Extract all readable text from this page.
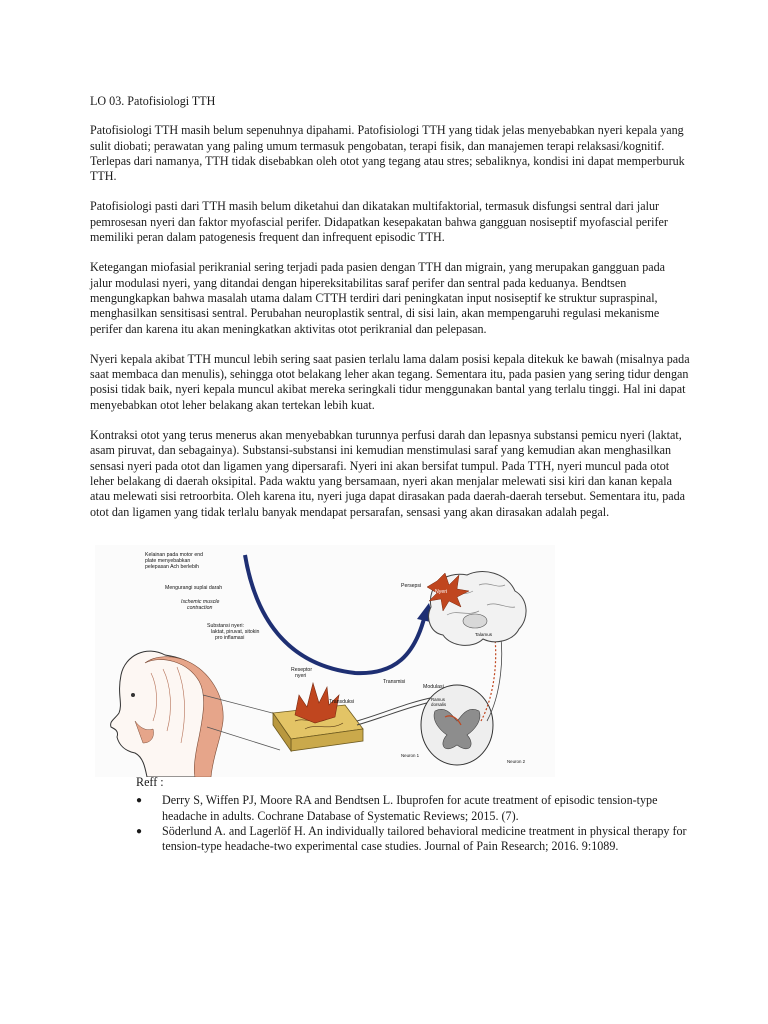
LO 03. Patofisiologi TTH

Patofisiologi TTH masih belum sepenuhnya dipahami. Patofisiologi TTH yang tidak jelas menyebabkan nyeri kepala yang sulit diobati; perawatan yang paling umum termasuk pengobatan, terapi fisik, dan manajemen terapi relaksasi/kognitif. Terlepas dari namanya, TTH tidak disebabkan oleh otot yang tegang atau stres; sebaliknya, kondisi ini dapat memperburuk TTH.

Patofisiologi pasti dari TTH masih belum diketahui dan dikatakan multifaktorial, termasuk disfungsi sentral dari jalur pemrosesan nyeri dan faktor myofascial perifer. Didapatkan kesepakatan bahwa gangguan nosiseptif myofascial perifer memiliki peran dalam patogenesis frequent dan infrequent episodic TTH.

Ketegangan miofasial perikranial sering terjadi pada pasien dengan TTH dan migrain, yang merupakan gangguan pada jalur modulasi nyeri, yang ditandai dengan hipereksitabilitas saraf perifer dan sentral pada keduanya. Bendtsen mengungkapkan bahwa masalah utama dalam CTTH terdiri dari peningkatan input nosiseptif ke struktur supraspinal, menghasilkan sensitisasi sentral. Perubahan neuroplastik sentral, di sisi lain, akan mempengaruhi regulasi mekanisme perifer dan karena itu akan meningkatkan aktivitas otot perikranial dan pelepasan.

Nyeri kepala akibat TTH muncul lebih sering saat pasien terlalu lama dalam posisi kepala ditekuk ke bawah (misalnya pada saat membaca dan menulis), sehingga otot belakang leher akan tegang. Sementara itu, pada pasien yang sering tidur dengan posisi tidak baik, nyeri kepala muncul akibat mereka seringkali tidur menggunakan bantal yang terlalu tinggi. Hal ini dapat menyebabkan otot leher belakang akan tertekan lebih kuat.

Kontraksi otot yang terus menerus akan menyebabkan turunnya perfusi darah dan lepasnya substansi pemicu nyeri (laktat, asam piruvat, dan sebagainya). Substansi-substansi ini kemudian menstimulasi saraf yang kemudian akan menghasilkan sensasi nyeri pada otot dan ligamen yang dipersarafi. Nyeri ini akan bersifat tumpul. Pada TTH, nyeri muncul pada otot leher belakang di daerah oksipital. Pada waktu yang bersamaan, nyeri akan menjalar melewati sisi kiri dan kanan kepala atau melewati sisi retroorbita. Oleh karena itu, nyeri juga dapat dirasakan pada daerah-daerah tersebut. Sementara itu, pada otot dan ligamen yang tidak terlalu banyak mendapat persarafan, sensasi yang akan dirasakan adalah pegal.

Kelainan pada motor end
plate menyebabkan
pelepasan Ach berlebih
Mengurangi suplai darah
Ischemic muscle
contraction
Substansi nyeri:
laktat, piruvat, sitokin
pro inflamasi
Reseptor
nyeri
Transduksi
Transmisi
Modulasi
Ramus
dorsalis
Neuron 1
Neuron 2
Persepsi
Nyeri
Talamus

Reff :

● Derry S, Wiffen PJ, Moore RA and Bendtsen L. Ibuprofen for acute treatment of episodic tension-type headache in adults. Cochrane Database of Systematic Reviews; 2015. (7).
● Söderlund A. and Lagerlöf H. An individually tailored behavioral medicine treatment in physical therapy for tension-type headache-two experimental case studies. Journal of Pain Research; 2016. 9:1089.
